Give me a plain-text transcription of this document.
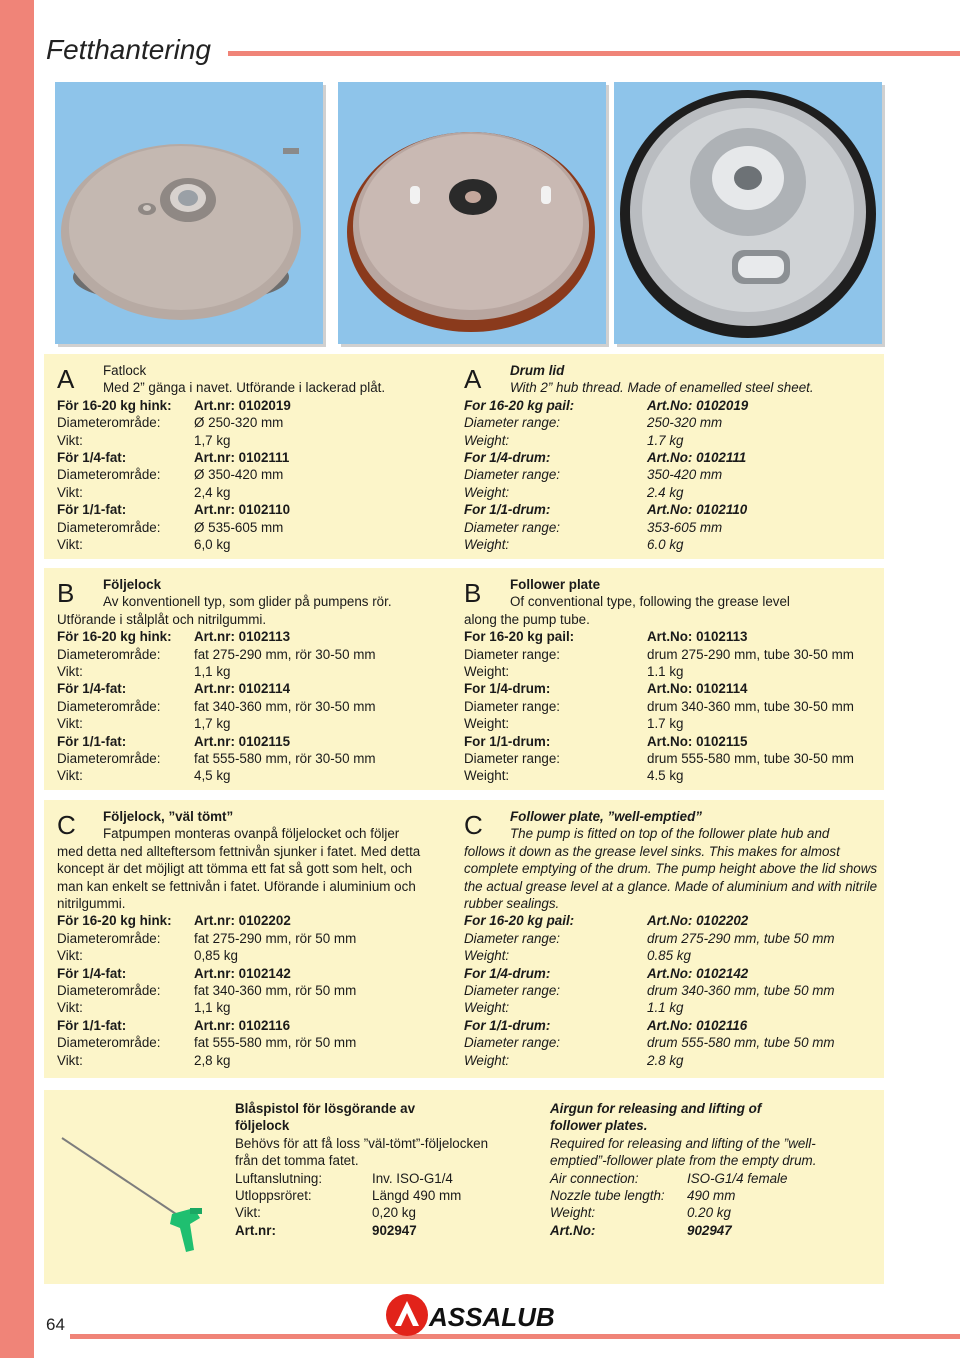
Fetthantering
A	Fatlock
Med 2” gänga i navet. Utförande i lackerad plåt.
För 16-20 kg hink: Art.nr: 0102019
Diameterområde:	Ø 250-320 mm
Vikt:	1,7 kg
För 1/4-fat:	Art.nr: 0102111
Diameterområde:	Ø 350-420 mm
Vikt:	2,4 kg
För 1/1-fat:	Art.nr: 0102110
Diameterområde:	Ø 535-605 mm
Vikt:	6,0 kg
A	Drum lid
With 2” hub thread. Made of enamelled steel sheet.
For 16-20 kg pail:	Art.No: 0102019
Diameter range:	250-320 mm
Weight:	1.7 kg
For 1/4-drum:	Art.No: 0102111
Diameter range:	350-420 mm
Weight:	2.4 kg
For 1/1-drum:	Art.No: 0102110
Diameter range:	353-605 mm
Weight:	6.0 kg
B	Följelock
Av konventionell typ, som glider på pumpens rör.
Utförande i stålplåt och nitrilgummi.
För 16-20 kg hink: Art.nr: 0102113
Diameterområde:	fat 275-290 mm, rör 30-50 mm
Vikt:	1,1 kg
För 1/4-fat:	Art.nr: 0102114
Diameterområde:	fat 340-360 mm, rör 30-50 mm
Vikt:	1,7 kg
För 1/1-fat:	Art.nr: 0102115
Diameterområde:	fat 555-580 mm, rör 30-50 mm
Vikt:	4,5 kg
B	Follower plate
Of conventional type, following the grease level
along the pump tube.
For 16-20 kg pail:	Art.No: 0102113
Diameter range:	drum 275-290 mm, tube 30-50 mm
Weight:	1.1 kg
For 1/4-drum:	Art.No: 0102114
Diameter range:	drum 340-360 mm, tube 30-50 mm
Weight:	1.7 kg
For 1/1-drum:	Art.No: 0102115
Diameter range:	drum 555-580 mm, tube 30-50 mm
Weight:	4.5 kg
C	Följelock, ”väl tömt”
Fatpumpen monteras ovanpå följelocket och följer
med detta ned allteftersom fettnivån sjunker i fatet. Med detta koncept är det möjligt att tömma ett fat så gott som helt, och man kan enkelt se fettnivån i fatet. Uförande i aluminium och nitrilgummi.
För 16-20 kg hink: Art.nr: 0102202
Diameterområde:	fat 275-290 mm, rör 50 mm
Vikt:	0,85 kg
För 1/4-fat:	Art.nr: 0102142
Diameterområde:	fat 340-360 mm, rör 50 mm
Vikt:	1,1 kg
För 1/1-fat:	Art.nr: 0102116
Diameterområde:	fat 555-580 mm, rör 50 mm
Vikt:	2,8 kg
C	Follower plate, ”well-emptied”
The pump is fitted on top of the follower plate hub and
follows it down as the grease level sinks. This makes for almost complete emptying of the drum. The pump height above the lid shows the actual grease level at a glance. Made of aluminium and with nitrile rubber sealings.
For 16-20 kg pail:	Art.No: 0102202
Diameter range:	drum 275-290 mm, tube 50 mm
Weight:	0.85 kg
For 1/4-drum:	Art.No: 0102142
Diameter range:	drum 340-360 mm, tube 50 mm
Weight:	1.1 kg
For 1/1-drum:	Art.No: 0102116
Diameter range:	drum 555-580 mm, tube 50 mm
Weight:	2.8 kg
Blåspistol för lösgörande av
följelock
Behövs för att få loss ”väl-tömt”-följelocken
från det tomma fatet.
Luftanslutning:	Inv. ISO-G1/4
Utloppsröret:	Längd 490 mm
Vikt:	0,20 kg
Art.nr:	902947
Airgun for releasing and lifting of
follower plates.
Required for releasing and lifting of the ”well-
emptied”-follower plate from the empty drum.
Air connection:	ISO-G1/4 female
Nozzle tube length: 490 mm
Weight:	0.20 kg
Art.No:	902947
64	ASSALUB
